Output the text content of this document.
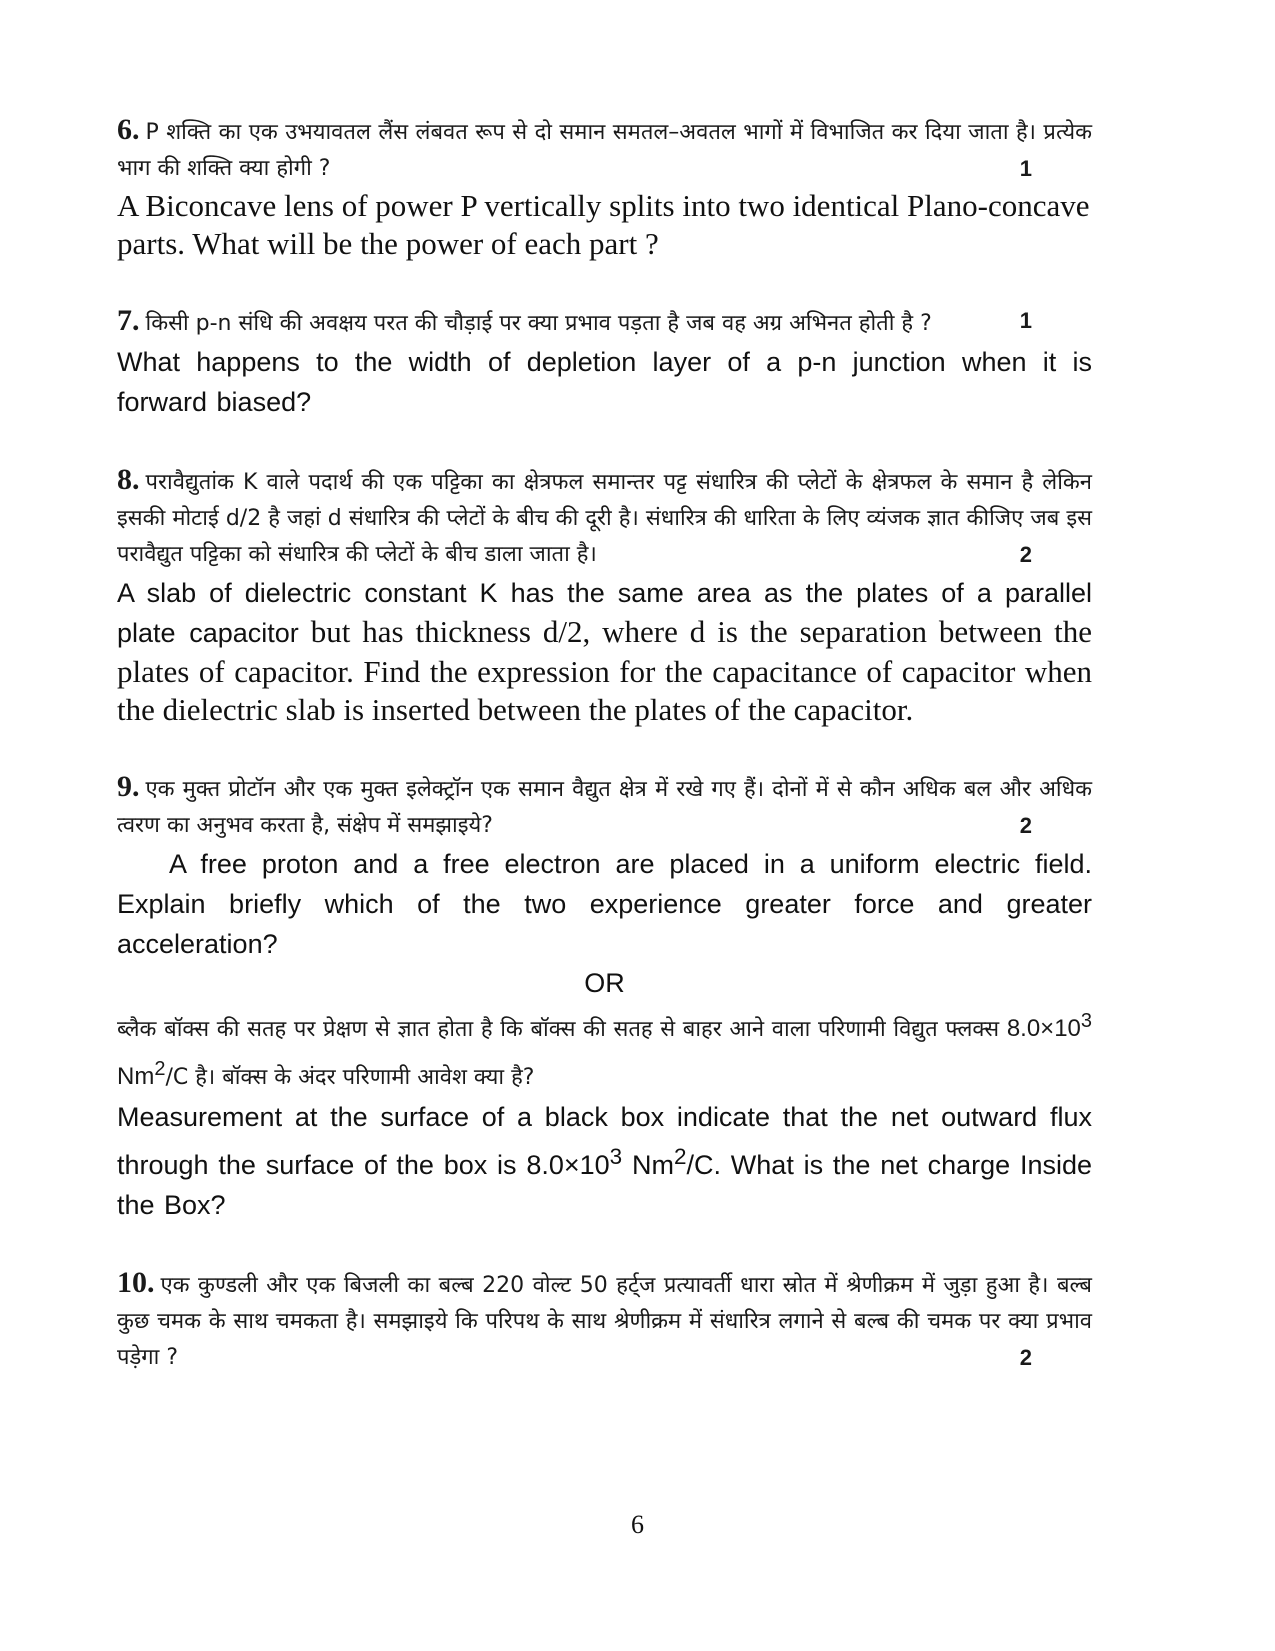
6. P शक्ति का एक उभयावतल लैंस लंबवत रूप से दो समान समतल–अवतल भागों में विभाजित कर दिया जाता है। प्रत्येक भाग की शक्ति क्या होगी ?	1

A Biconcave lens of power P vertically splits into two identical Plano-concave parts. What will be the power of each part ?

7. किसी p-n संधि की अवक्षय परत की चौड़ाई पर क्या प्रभाव पड़ता है जब वह अग्र अभिनत होती है ?	1

What happens to the width of depletion layer of a p-n junction when it is forward biased?

8. परावैद्युतांक K वाले पदार्थ की एक पट्टिका का क्षेत्रफल समान्तर पट्ट संधारित्र की प्लेटों के क्षेत्रफल के समान है लेकिन इसकी मोटाई d/2 है जहां d संधारित्र की प्लेटों के बीच की दूरी है। संधारित्र की धारिता के लिए व्यंजक ज्ञात कीजिए जब इस परावैद्युत पट्टिका को संधारित्र की प्लेटों के बीच डाला जाता है।	2

A slab of dielectric constant K has the same area as the plates of a parallel plate capacitor but has thickness d/2, where d is the separation between the plates of capacitor. Find the expression for the capacitance of capacitor when the dielectric slab is inserted between the plates of the capacitor.

9. एक मुक्त प्रोटॉन और एक मुक्त इलेक्ट्रॉन एक समान वैद्युत क्षेत्र में रखे गए हैं। दोनों में से कौन अधिक बल और अधिक त्वरण का अनुभव करता है, संक्षेप में समझाइये?	2

A free proton and a free electron are placed in a uniform electric field. Explain briefly which of the two experience greater force and greater acceleration?

OR

ब्लैक बॉक्स की सतह पर प्रेक्षण से ज्ञात होता है कि बॉक्स की सतह से बाहर आने वाला परिणामी विद्युत फ्लक्स $8.0\times 10^3$ Nm$^2$/C है। बॉक्स के अंदर परिणामी आवेश क्या है?

Measurement at the surface of a black box indicate that the net outward flux through the surface of the box is $8.0\times 10^3$ Nm$^2$/C. What is the net charge Inside the Box?

10. एक कुण्डली और एक बिजली का बल्ब 220 वोल्ट 50 हर्ट्ज प्रत्यावर्ती धारा स्रोत में श्रेणीक्रम में जुड़ा हुआ है। बल्ब कुछ चमक के साथ चमकता है। समझाइये कि परिपथ के साथ श्रेणीक्रम में संधारित्र लगाने से बल्ब की चमक पर क्या प्रभाव पड़ेगा ?	2

6
